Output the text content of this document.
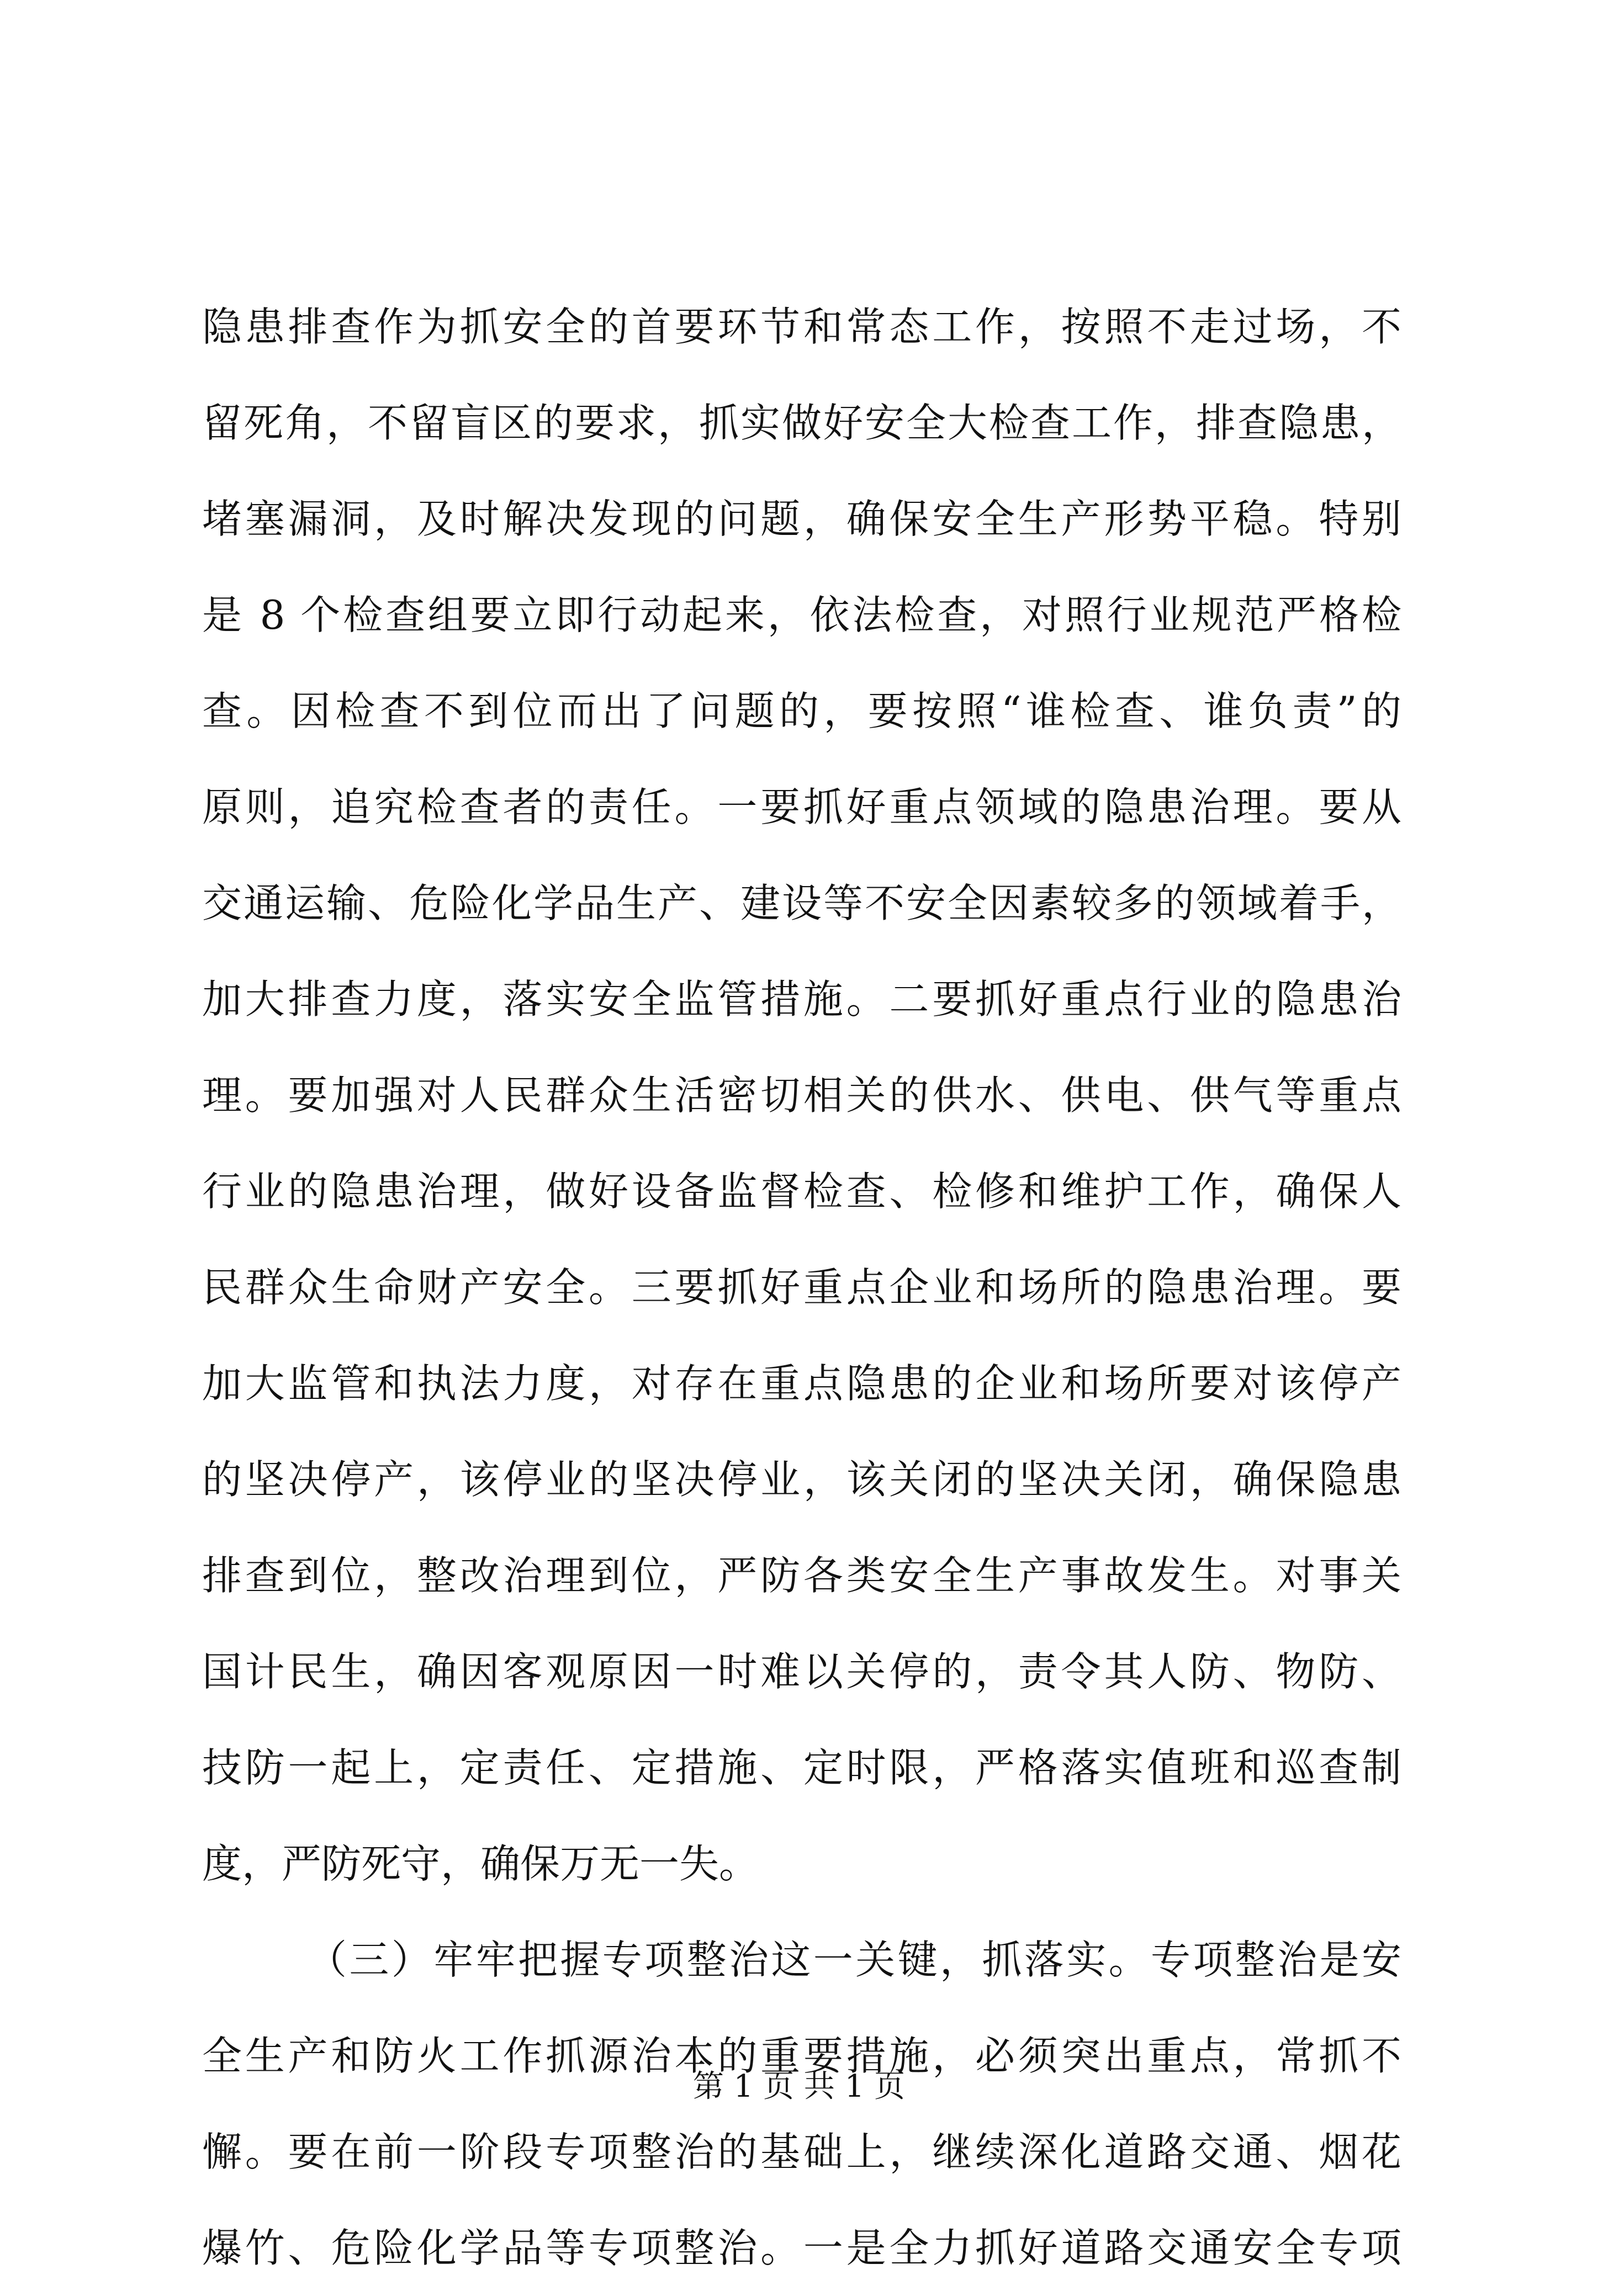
隐患排查作为抓安全的首要环节和常态工作，按照不走过场，不
留死角，不留盲区的要求，抓实做好安全大检查工作，排查隐患，
堵塞漏洞，及时解决发现的问题，确保安全生产形势平稳。特别
是 8 个检查组要立即行动起来，依法检查，对照行业规范严格检
查。因检查不到位而出了问题的，要按照“谁检查、谁负责”的
原则，追究检查者的责任。一要抓好重点领域的隐患治理。要从
交通运输、危险化学品生产、建设等不安全因素较多的领域着手，
加大排查力度，落实安全监管措施。二要抓好重点行业的隐患治
理。要加强对人民群众生活密切相关的供水、供电、供气等重点
行业的隐患治理，做好设备监督检查、检修和维护工作，确保人
民群众生命财产安全。三要抓好重点企业和场所的隐患治理。要
加大监管和执法力度，对存在重点隐患的企业和场所要对该停产
的坚决停产，该停业的坚决停业，该关闭的坚决关闭，确保隐患
排查到位，整改治理到位，严防各类安全生产事故发生。对事关
国计民生，确因客观原因一时难以关停的，责令其人防、物防、
技防一起上，定责任、定措施、定时限，严格落实值班和巡查制
度，严防死守，确保万无一失。
（三）牢牢把握专项整治这一关键，抓落实。专项整治是安
全生产和防火工作抓源治本的重要措施，必须突出重点，常抓不
懈。要在前一阶段专项整治的基础上，继续深化道路交通、烟花
爆竹、危险化学品等专项整治。一是全力抓好道路交通安全专项
第 1 页 共 1 页
